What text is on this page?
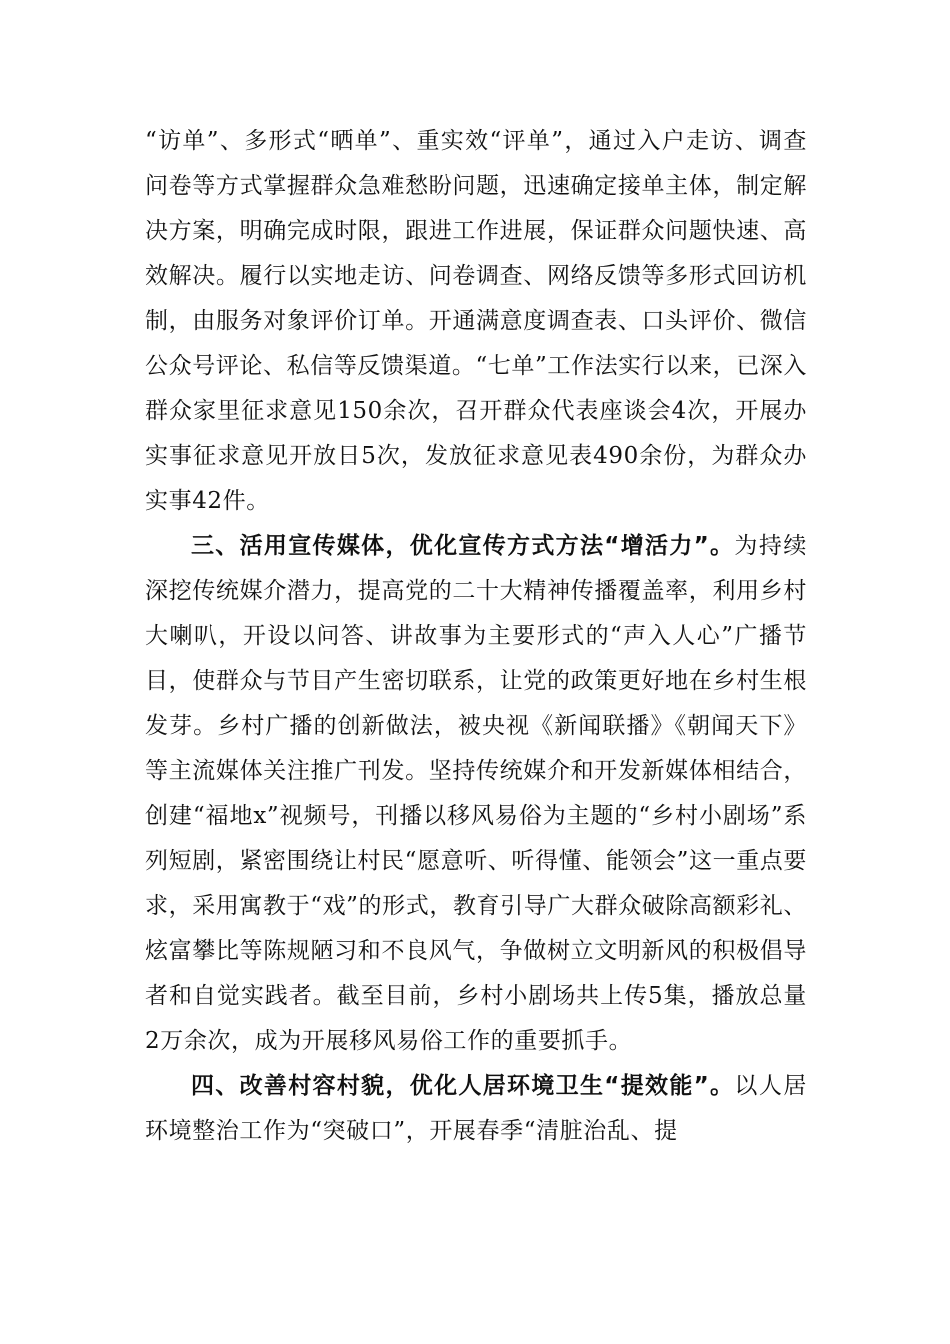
“访单”、多形式“晒单”、重实效“评单”，通过入户走访、调查问卷等方式掌握群众急难愁盼问题，迅速确定接单主体，制定解决方案，明确完成时限，跟进工作进展，保证群众问题快速、高效解决。履行以实地走访、问卷调查、网络反馈等多形式回访机制，由服务对象评价订单。开通满意度调查表、口头评价、微信公众号评论、私信等反馈渠道。“七单”工作法实行以来，已深入群众家里征求意见150余次，召开群众代表座谈会4次，开展办实事征求意见开放日5次，发放征求意见表490余份，为群众办实事42件。

三、活用宣传媒体，优化宣传方式方法“增活力”。为持续深挖传统媒介潜力，提高党的二十大精神传播覆盖率，利用乡村大喇叭，开设以问答、讲故事为主要形式的“声入人心”广播节目，使群众与节目产生密切联系，让党的政策更好地在乡村生根发芽。乡村广播的创新做法，被央视《新闻联播》《朝闻天下》等主流媒体关注推广刊发。坚持传统媒介和开发新媒体相结合，创建“福地x”视频号，刊播以移风易俗为主题的“乡村小剧场”系列短剧，紧密围绕让村民“愿意听、听得懂、能领会”这一重点要求，采用寓教于“戏”的形式，教育引导广大群众破除高额彩礼、炫富攀比等陈规陋习和不良风气，争做树立文明新风的积极倡导者和自觉实践者。截至目前，乡村小剧场共上传5集，播放总量2万余次，成为开展移风易俗工作的重要抓手。

四、改善村容村貌，优化人居环境卫生“提效能”。以人居环境整治工作为“突破口”，开展春季“清脏治乱、提
